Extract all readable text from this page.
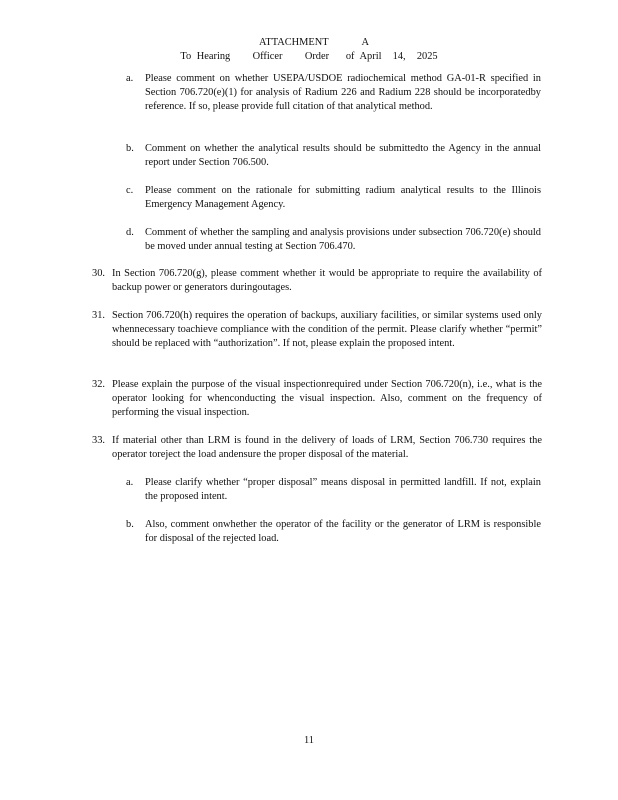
ATTACHMENT      A
To Hearing    Officer    Order   of April  14,  2025
a. Please comment on whether USEPA/USDOE radiochemical method GA-01-R specified in Section 706.720(e)(1) for analysis of Radium 226 and Radium 228 should be incorporatedby reference. If so, please provide full citation of that analytical method.
b. Comment on whether the analytical results should be submittedto the Agency in the annual report under Section 706.500.
c. Please comment on the rationale for submitting radium analytical results to the Illinois Emergency Management Agency.
d. Comment of whether the sampling and analysis provisions under subsection 706.720(e) should be moved under annual testing at Section 706.470.
30. In Section 706.720(g), please comment whether it would be appropriate to require the availability of backup power or generators duringoutages.
31. Section 706.720(h) requires the operation of backups, auxiliary facilities, or similar systems used only whennecessary toachieve compliance with the condition of the permit. Please clarify whether “permit” should be replaced with “authorization”. If not, please explain the proposed intent.
32. Please explain the purpose of the visual inspectionrequired under Section 706.720(n), i.e., what is the operator looking for whenconducting the visual inspection. Also, comment on the frequency of performing the visual inspection.
33. If material other than LRM is found in the delivery of loads of LRM, Section 706.730 requires the operator toreject the load andensure the proper disposal of the material.
a. Please clarify whether “proper disposal” means disposal in permitted landfill. If not, explain the proposed intent.
b. Also, comment onwhether the operator of the facility or the generator of LRM is responsible for disposal of the rejected load.
11
